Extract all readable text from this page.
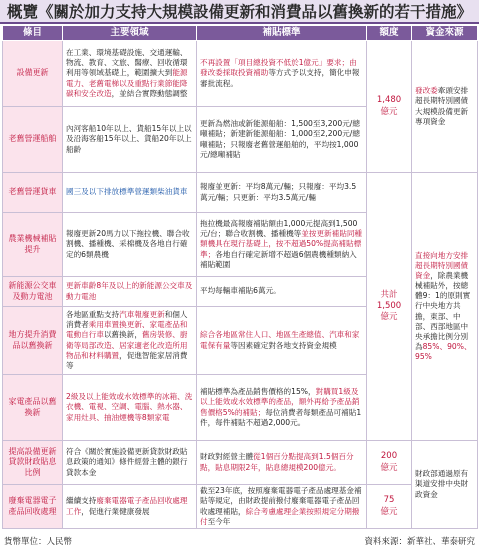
概覽《關於加力支持大規模設備更新和消費品以舊換新的若干措施》
條目	主要領域	補貼標準	額度	資金來源
設備更新	在工業、環境基礎設施、交通運輸、物流、教育、文旅、醫療、回收循環利用等領域基礎上，範圍擴大到能源電力、老舊電梯以及重點行業節能降碳和安全改造，並結合實際動態調整	不再設置「項目總投資不低於1億元」要求；由發改委採取投資補助等方式予以支持，簡化申報審批流程。	1,480
億元	發改委牽頭安排超長期特別國債大規模設備更新專項資金
老舊營運船舶	內河客船10年以上、貨船15年以上以及沿海客船15年以上、貨船20年以上船齡	更新為燃油或新能源船舶：1,500至3,200元/總噸補貼；新建新能源船舶：1,000至2,200元/總噸補貼；只報廢老舊營運船舶的，平均按1,000元/總噸補貼		
老舊營運貨車	國三及以下排放標準營運類柴油貨車	報廢並更新：平均8萬元/輛；只報廢：平均3.5萬元/輛；只更新：平均3.5萬元/輛	共計
1,500
億元	直接向地方安排超長期特別國債資金，除農業機械補貼外，按總體9：1的原則實行中央地方共擔，東部、中部、西部地區中央承擔比例分別為85%、90%、95%
農業機械補貼提升	報廢更新20馬力以下拖拉機、聯合收割機、播種機、采棉機及各地自行確定的6類農機	拖拉機最高報廢補貼額由1,000元提高到1,500元/台；聯合收割機、播種機等並按更新補貼同種類機具在現行基礎上，按不超過50%提高補貼標準；各地自行確定新增不超過6個農機種類納入補貼範圍		
新能源公交車及動力電池	更新車齡8年及以上的新能源公交車及動力電池	平均每輛車補貼6萬元。		
地方提升消費品以舊換新	各地區重點支持汽車報廢更新和個人消費者乘用車置換更新、家電產品和電動自行車以舊換新，舊房裝修、廚衛等局部改造、居家適老化改造所用物品和材料購置，促進智能家居消費等	綜合各地區常住人口、地區生產總值、汽車和家電保有量等因素確定對各地支持資金規模		
家電產品以舊換新	2級及以上能效或水效標準的冰箱、洗衣機、電視、空調、電腦、熱水器、家用灶具、抽油煙機等8類家電	補貼標準為產品銷售價格的15%，對購買1級及以上能效或水效標準的產品，額外再給予產品銷售價格5%的補貼；每位消費者每類產品可補貼1件，每件補貼不超過2,000元。		
提高設備更新貸款財政貼息比例	符合《關於實施設備更新貸款財政貼息政策的通知》條件經營主體的銀行貸款本金	財政對經營主體從1個百分點提高到1.5個百分點，貼息期限2年，貼息總規模200億元。	200
億元	財政部通過原有渠道安排中央財政資金
廢棄電器電子產品回收處理	繼續支持廢棄電器電子產品回收處理工作，促進行業健康發展	截至23年底，按照廢棄電器電子產品處理基金補貼等規定，由財政提前撥付廢棄電器電子產品回收處理補貼，綜合考慮處理企業按照規定分期撥付至今年	75
億元	
貨幣單位：人民幣	資料來源：新華社、華泰研究
